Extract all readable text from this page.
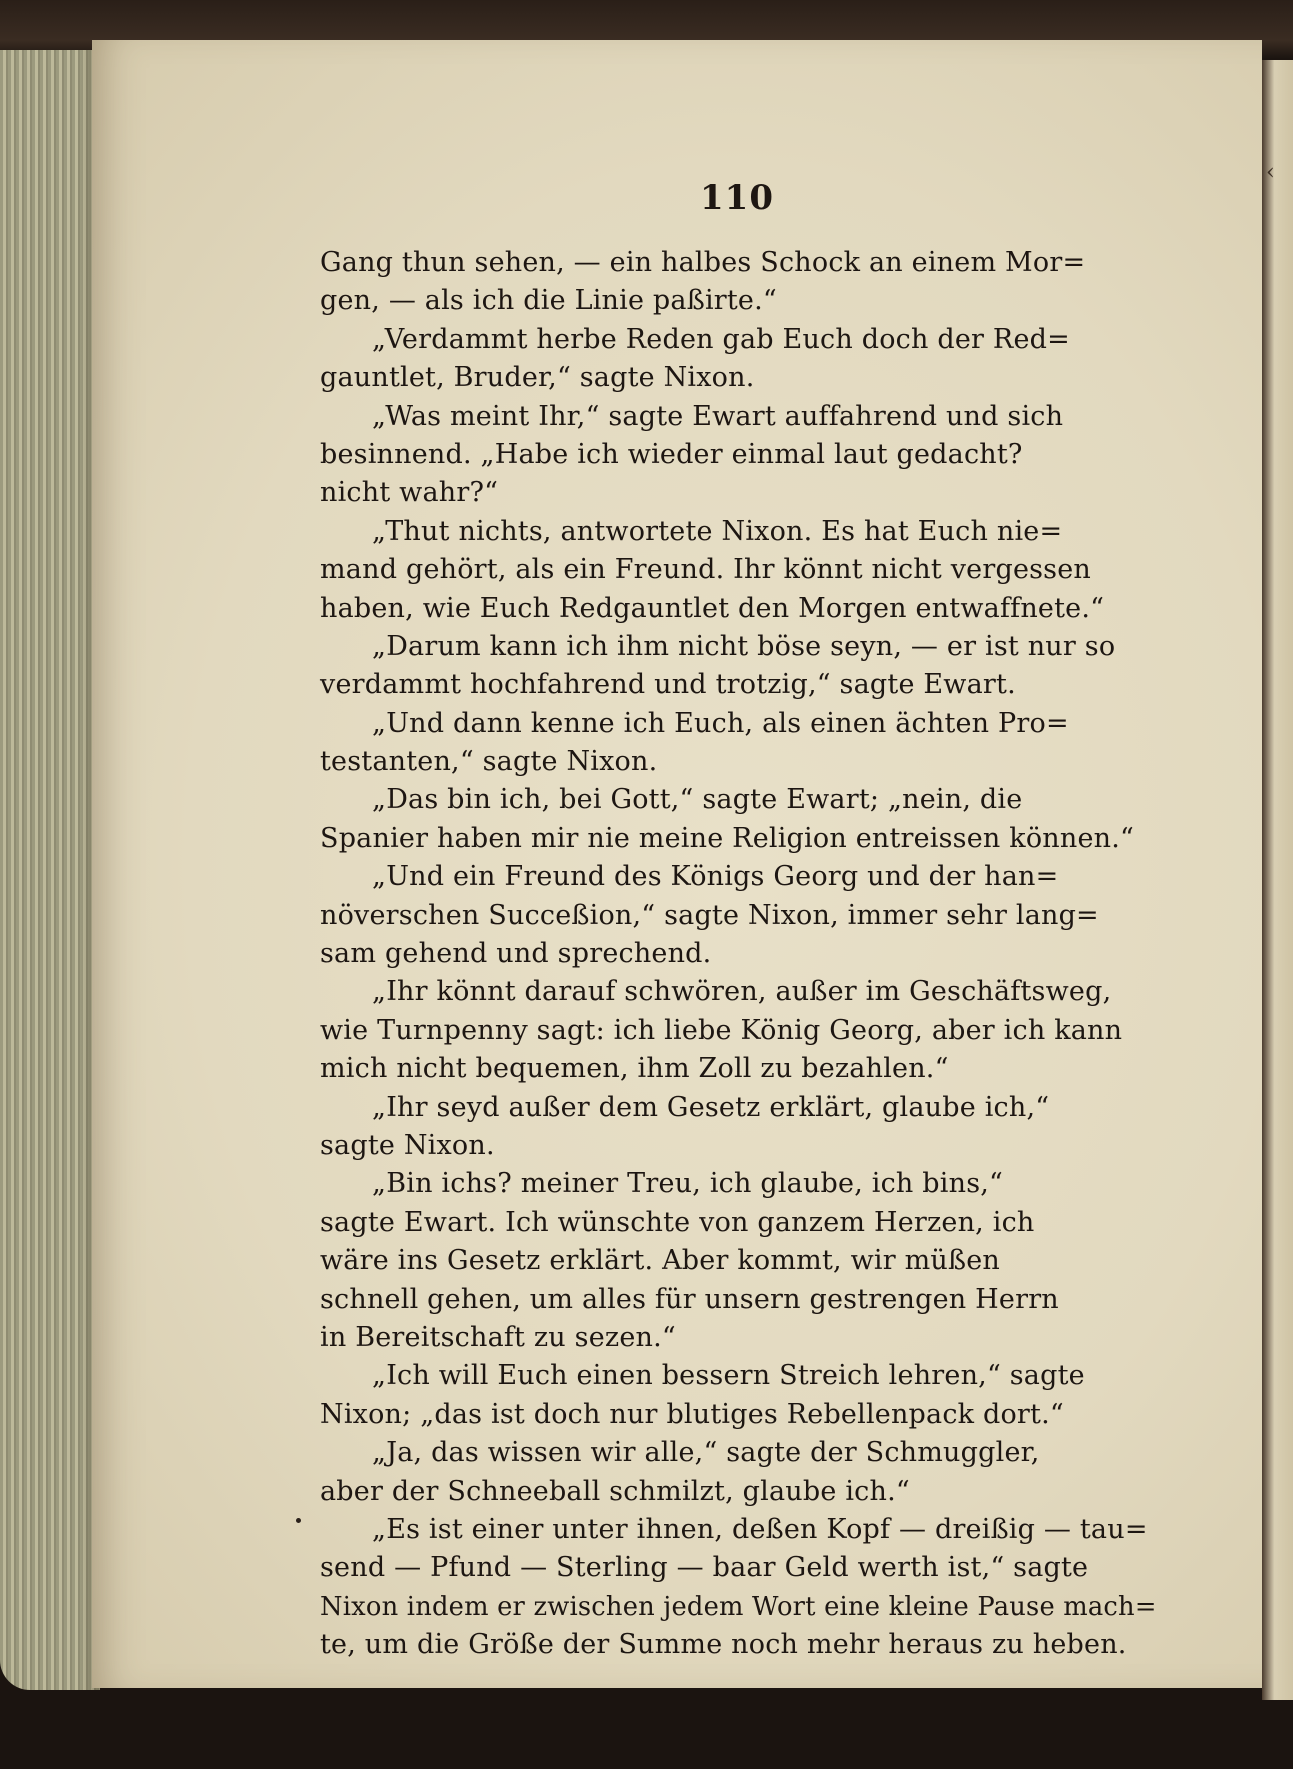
‹
110
Gang thun sehen, — ein halbes Schock an einem Mor=
gen, — als ich die Linie paßirte.“
„Verdammt herbe Reden gab Euch doch der Red=
gauntlet, Bruder,“ sagte Nixon.
„Was meint Ihr,“ sagte Ewart auffahrend und sich
besinnend. „Habe ich wieder einmal laut gedacht?
nicht wahr?“
„Thut nichts, antwortete Nixon. Es hat Euch nie=
mand gehört, als ein Freund. Ihr könnt nicht vergessen
haben, wie Euch Redgauntlet den Morgen entwaffnete.“
„Darum kann ich ihm nicht böse seyn, — er ist nur so
verdammt hochfahrend und trotzig,“ sagte Ewart.
„Und dann kenne ich Euch, als einen ächten Pro=
testanten,“ sagte Nixon.
„Das bin ich, bei Gott,“ sagte Ewart; „nein, die
Spanier haben mir nie meine Religion entreissen können.“
„Und ein Freund des Königs Georg und der han=
növerschen Succeßion,“ sagte Nixon, immer sehr lang=
sam gehend und sprechend.
„Ihr könnt darauf schwören, außer im Geschäftsweg,
wie Turnpenny sagt: ich liebe König Georg, aber ich kann
mich nicht bequemen, ihm Zoll zu bezahlen.“
„Ihr seyd außer dem Gesetz erklärt, glaube ich,“
sagte Nixon.
„Bin ichs? meiner Treu, ich glaube, ich bins,“
sagte Ewart. Ich wünschte von ganzem Herzen, ich
wäre ins Gesetz erklärt. Aber kommt, wir müßen
schnell gehen, um alles für unsern gestrengen Herrn
in Bereitschaft zu sezen.“
„Ich will Euch einen bessern Streich lehren,“ sagte
Nixon; „das ist doch nur blutiges Rebellenpack dort.“
„Ja, das wissen wir alle,“ sagte der Schmuggler,
aber der Schneeball schmilzt, glaube ich.“
„Es ist einer unter ihnen, deßen Kopf — dreißig — tau=
send — Pfund — Sterling — baar Geld werth ist,“ sagte
Nixon indem er zwischen jedem Wort eine kleine Pause mach=
te, um die Größe der Summe noch mehr heraus zu heben.
